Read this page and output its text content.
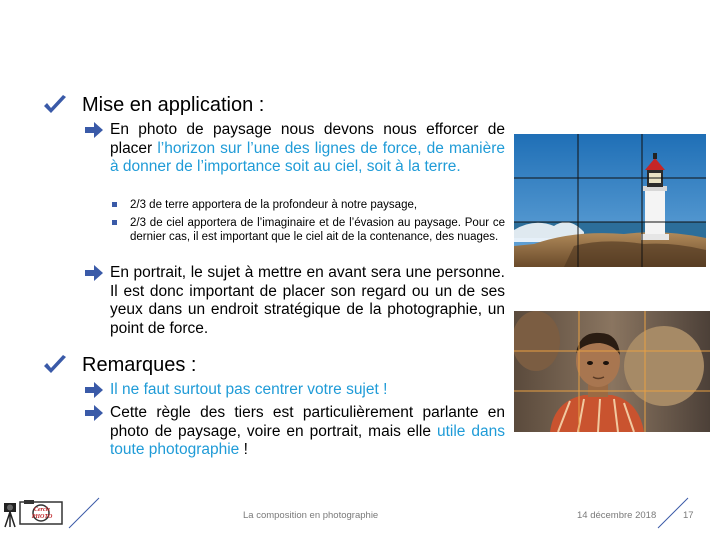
Mise en application :
En photo de paysage nous devons nous efforcer de placer l’horizon sur l’une des lignes de force, de manière à donner de l’importance soit au ciel, soit à la terre.
2/3 de terre apportera de la profondeur à notre paysage,
2/3 de ciel apportera de l’imaginaire et de l’évasion au paysage. Pour ce dernier cas, il est important que le ciel ait de la contenance, des nuages.
En portrait, le sujet à mettre en avant sera une personne. Il est donc important de placer son regard ou un de ses yeux dans un endroit stratégique de la photographie, un point de force.
Remarques :
Il ne faut surtout pas centrer votre sujet !
Cette règle des tiers est particulièrement parlante en photo de paysage, voire en portrait, mais elle utile dans toute photographie !
Cercle PHOTO	La composition en photographie	14 décembre 2018	17
